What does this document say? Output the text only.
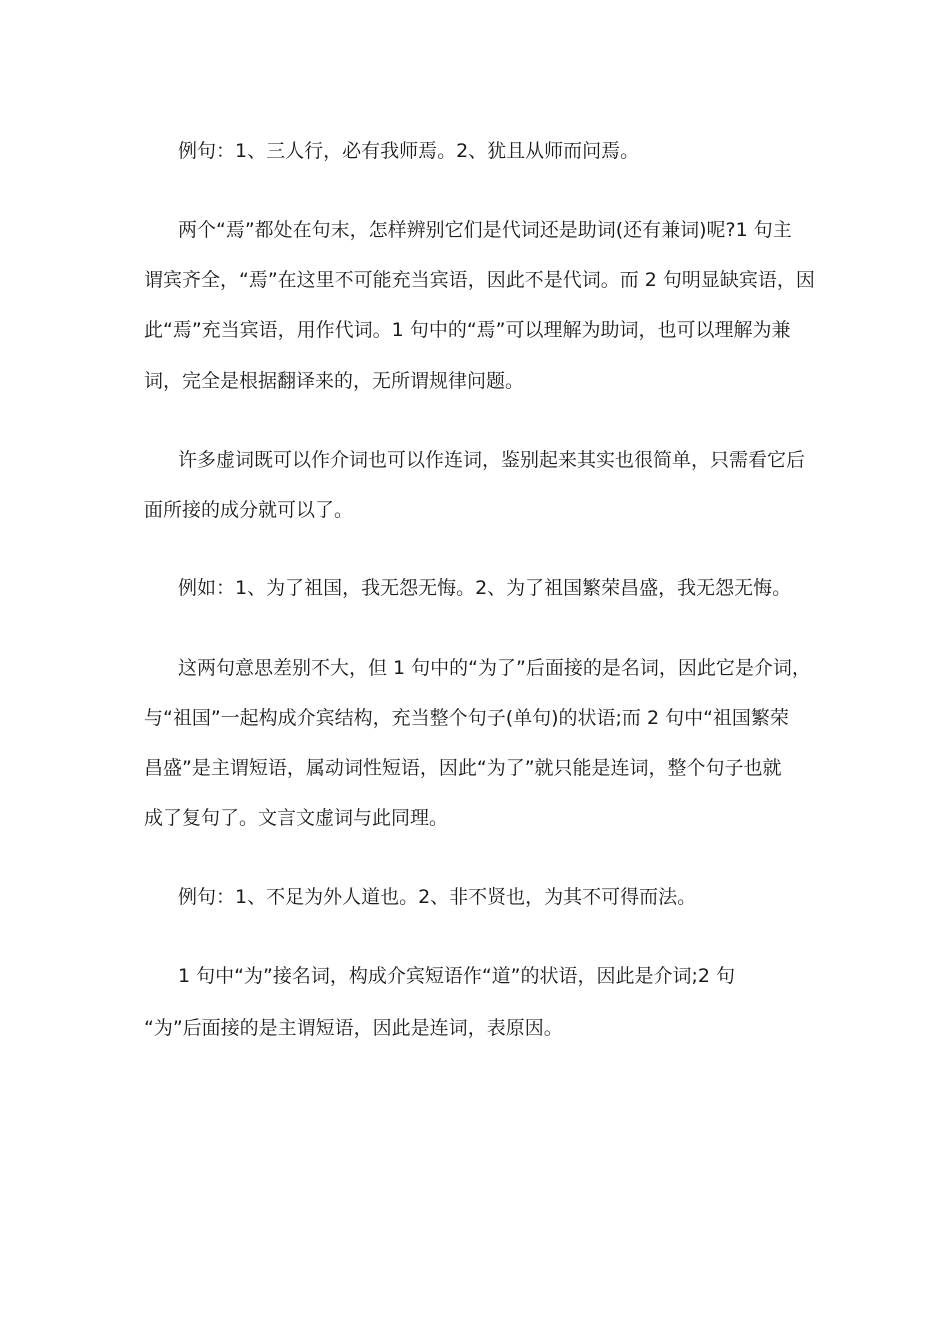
例句：1、三人行，必有我师焉。2、犹且从师而问焉。

两个“焉”都处在句末，怎样辨别它们是代词还是助词(还有兼词)呢?1 句主

谓宾齐全，“焉”在这里不可能充当宾语，因此不是代词。而 2 句明显缺宾语，因

此“焉”充当宾语，用作代词。1 句中的“焉”可以理解为助词，也可以理解为兼

词，完全是根据翻译来的，无所谓规律问题。

许多虚词既可以作介词也可以作连词，鉴别起来其实也很简单，只需看它后

面所接的成分就可以了。

例如：1、为了祖国，我无怨无悔。2、为了祖国繁荣昌盛，我无怨无悔。

这两句意思差别不大，但 1 句中的“为了”后面接的是名词，因此它是介词，

与“祖国”一起构成介宾结构，充当整个句子(单句)的状语;而 2 句中“祖国繁荣

昌盛”是主谓短语，属动词性短语，因此“为了”就只能是连词，整个句子也就

成了复句了。文言文虚词与此同理。

例句：1、不足为外人道也。2、非不贤也，为其不可得而法。

1 句中“为”接名词，构成介宾短语作“道”的状语，因此是介词;2 句

“为”后面接的是主谓短语，因此是连词，表原因。
